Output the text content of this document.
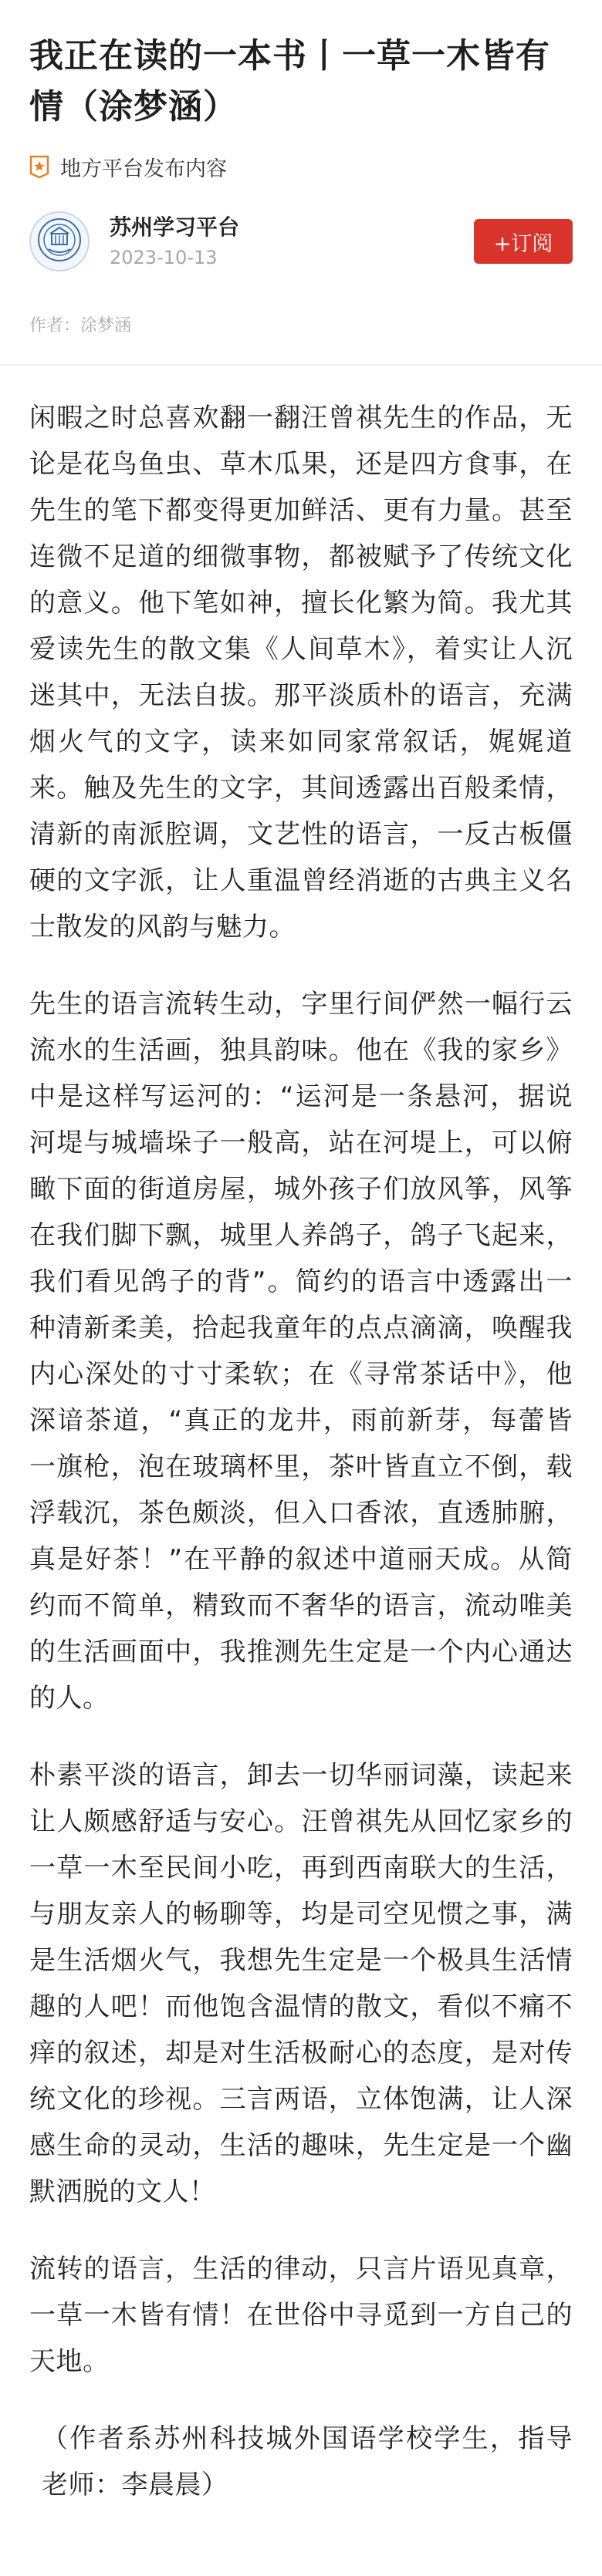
我正在读的一本书丨一草一木皆有情（涂梦涵）
地方平台发布内容
苏州学习平台
2023-10-13
+订阅
作者：涂梦涵

闲暇之时总喜欢翻一翻汪曾祺先生的作品，无论是花鸟鱼虫、草木瓜果，还是四方食事，在先生的笔下都变得更加鲜活、更有力量。甚至连微不足道的细微事物，都被赋予了传统文化的意义。他下笔如神，擅长化繁为简。我尤其爱读先生的散文集《人间草木》，着实让人沉迷其中，无法自拔。那平淡质朴的语言，充满烟火气的文字，读来如同家常叙话，娓娓道来。触及先生的文字，其间透露出百般柔情，清新的南派腔调，文艺性的语言，一反古板僵硬的文字派，让人重温曾经消逝的古典主义名士散发的风韵与魅力。

先生的语言流转生动，字里行间俨然一幅行云流水的生活画，独具韵味。他在《我的家乡》中是这样写运河的：“运河是一条悬河，据说河堤与城墙垛子一般高，站在河堤上，可以俯瞰下面的街道房屋，城外孩子们放风筝，风筝在我们脚下飘，城里人养鸽子，鸽子飞起来，我们看见鸽子的背”。简约的语言中透露出一种清新柔美，拾起我童年的点点滴滴，唤醒我内心深处的寸寸柔软；在《寻常茶话中》，他深谙茶道，“真正的龙井，雨前新芽，每蕾皆一旗枪，泡在玻璃杯里，茶叶皆直立不倒，载浮载沉，茶色颇淡，但入口香浓，直透肺腑，真是好茶！”在平静的叙述中道丽天成。从简约而不简单，精致而不奢华的语言，流动唯美的生活画面中，我推测先生定是一个内心通达的人。

朴素平淡的语言，卸去一切华丽词藻，读起来让人颇感舒适与安心。汪曾祺先从回忆家乡的一草一木至民间小吃，再到西南联大的生活，与朋友亲人的畅聊等，均是司空见惯之事，满是生活烟火气，我想先生定是一个极具生活情趣的人吧！而他饱含温情的散文，看似不痛不痒的叙述，却是对生活极耐心的态度，是对传统文化的珍视。三言两语，立体饱满，让人深感生命的灵动，生活的趣味，先生定是一个幽默洒脱的文人！

流转的语言，生活的律动，只言片语见真章，一草一木皆有情！在世俗中寻觅到一方自己的天地。

（作者系苏州科技城外国语学校学生，指导老师：李晨晨）
